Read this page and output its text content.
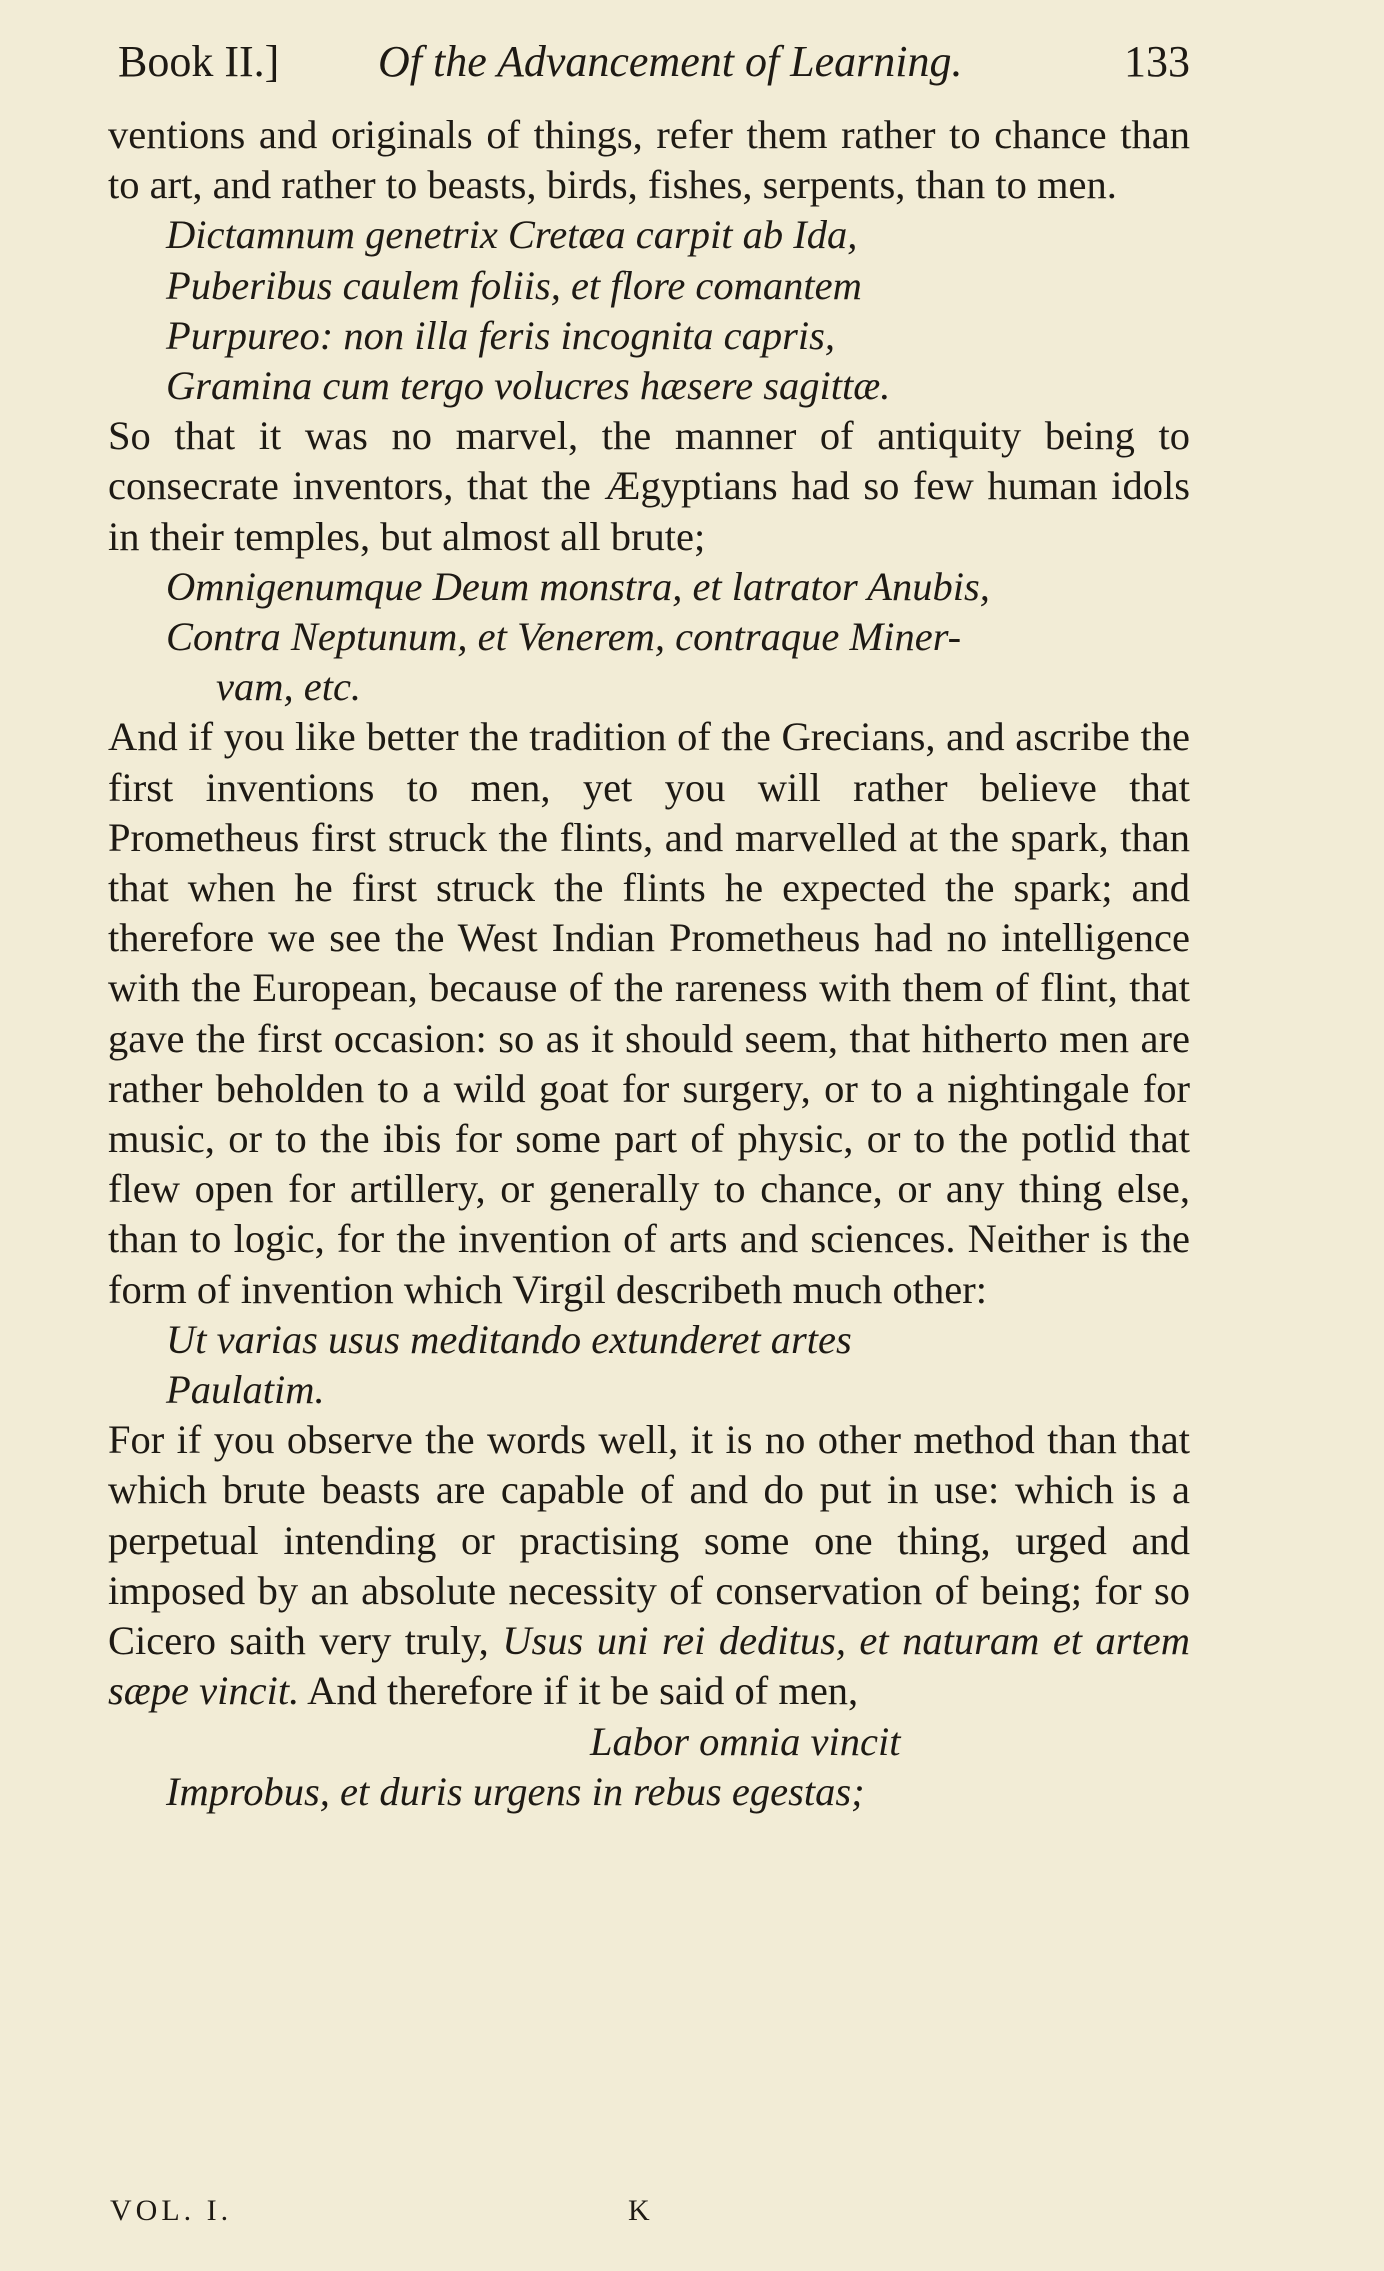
Book II.] Of the Advancement of Learning.	133

ventions and originals of things, refer them rather to chance than to art, and rather to beasts, birds, fishes, serpents, than to men.

Dictamnum genetrix Cretæa carpit ab Ida,

Puberibus caulem foliis, et flore comantem

Purpureo: non illa feris incognita capris,

Gramina cum tergo volucres hæsere sagittæ.

So that it was no marvel, the manner of antiquity being to consecrate inventors, that the Ægyptians had so few human idols in their temples, but almost all brute;

Omnigenumque Deum monstra, et latrator Anubis,

Contra Neptunum, et Venerem, contraque Miner-

vam, etc.

And if you like better the tradition of the Grecians, and ascribe the first inventions to men, yet you will rather believe that Prometheus first struck the flints, and marvelled at the spark, than that when he first struck the flints he expected the spark; and therefore we see the West Indian Prometheus had no intelligence with the European, because of the rareness with them of flint, that gave the first occasion: so as it should seem, that hitherto men are rather beholden to a wild goat for surgery, or to a nightingale for music, or to the ibis for some part of physic, or to the potlid that flew open for artillery, or generally to chance, or any thing else, than to logic, for the invention of arts and sciences. Neither is the form of invention which Virgil describeth much other:

Ut varias usus meditando extunderet artes

Paulatim.

For if you observe the words well, it is no other method than that which brute beasts are capable of and do put in use: which is a perpetual intending or practising some one thing, urged and imposed by an absolute necessity of conservation of being; for so Cicero saith very truly, Usus uni rei deditus, et naturam et artem sæpe vincit. And therefore if it be said of men,

Labor omnia vincit

Improbus, et duris urgens in rebus egestas;

VOL. I.	K
